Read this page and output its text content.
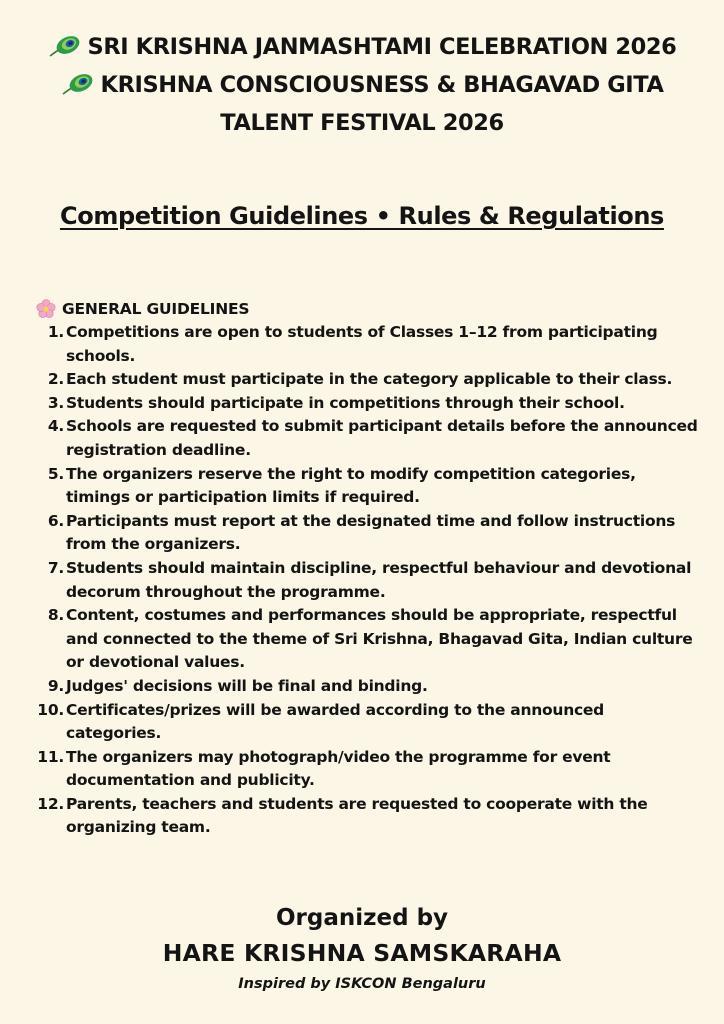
SRI KRISHNA JANMASHTAMI CELEBRATION 2026
KRISHNA CONSCIOUSNESS & BHAGAVAD GITA
TALENT FESTIVAL 2026
Competition Guidelines • Rules & Regulations
GENERAL GUIDELINES
1. Competitions are open to students of Classes 1–12 from participating schools.
2. Each student must participate in the category applicable to their class.
3. Students should participate in competitions through their school.
4. Schools are requested to submit participant details before the announced registration deadline.
5. The organizers reserve the right to modify competition categories, timings or participation limits if required.
6. Participants must report at the designated time and follow instructions from the organizers.
7. Students should maintain discipline, respectful behaviour and devotional decorum throughout the programme.
8. Content, costumes and performances should be appropriate, respectful and connected to the theme of Sri Krishna, Bhagavad Gita, Indian culture or devotional values.
9. Judges' decisions will be final and binding.
10. Certificates/prizes will be awarded according to the announced categories.
11. The organizers may photograph/video the programme for event documentation and publicity.
12. Parents, teachers and students are requested to cooperate with the organizing team.
Organized by
HARE KRISHNA SAMSKARAHA
Inspired by ISKCON Bengaluru
